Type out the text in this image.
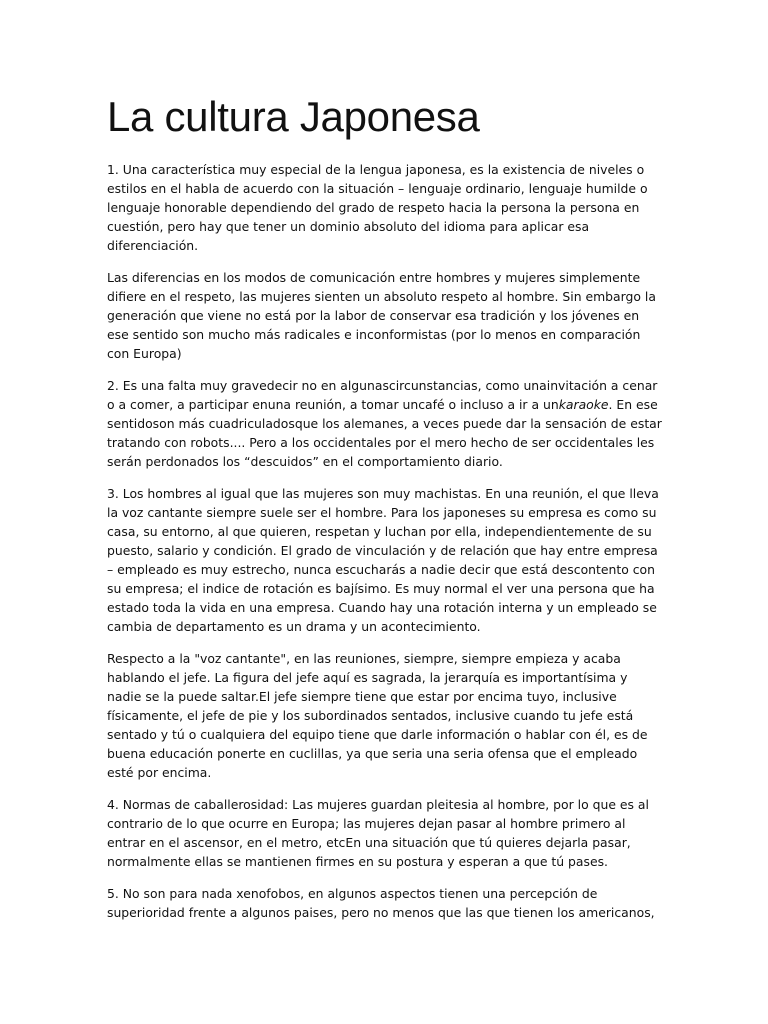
La cultura Japonesa

1. Una característica muy especial de la lengua japonesa, es la existencia de niveles o estilos en el habla de acuerdo con la situación – lenguaje ordinario, lenguaje humilde o lenguaje honorable dependiendo del grado de respeto hacia la persona la persona en cuestión, pero hay que tener un dominio absoluto del idioma para aplicar esa diferenciación.

Las diferencias en los modos de comunicación entre hombres y mujeres simplemente difiere en el respeto, las mujeres sienten un absoluto respeto al hombre. Sin embargo la generación que viene no está por la labor de conservar esa tradición y los jóvenes en ese sentido son mucho más radicales e inconformistas (por lo menos en comparación con Europa)

2. Es una falta muy gravedecir no en algunascircunstancias, como unainvitación a cenar o a comer, a participar enuna reunión, a tomar uncafé o incluso a ir a unkaraoke. En ese sentidoson más cuadriculadosque los alemanes, a veces puede dar la sensación de estar tratando con robots.... Pero a los occidentales por el mero hecho de ser occidentales les serán perdonados los “descuidos” en el comportamiento diario.

3. Los hombres al igual que las mujeres son muy machistas. En una reunión, el que lleva la voz cantante siempre suele ser el hombre. Para los japoneses su empresa es como su casa, su entorno, al que quieren, respetan y luchan por ella, independientemente de su puesto, salario y condición. El grado de vinculación y de relación que hay entre empresa – empleado es muy estrecho, nunca escucharás a nadie decir que está descontento con su empresa; el indice de rotación es bajísimo. Es muy normal el ver una persona que ha estado toda la vida en una empresa. Cuando hay una rotación interna y un empleado se cambia de departamento es un drama y un acontecimiento.

Respecto a la "voz cantante", en las reuniones, siempre, siempre empieza y acaba hablando el jefe. La figura del jefe aquí es sagrada, la jerarquía es importantísima y nadie se la puede saltar.El jefe siempre tiene que estar por encima tuyo, inclusive físicamente, el jefe de pie y los subordinados sentados, inclusive cuando tu jefe está sentado y tú o cualquiera del equipo tiene que darle información o hablar con él, es de buena educación ponerte en cuclillas, ya que seria una seria ofensa que el empleado esté por encima.

4. Normas de caballerosidad: Las mujeres guardan pleitesia al hombre, por lo que es al contrario de lo que ocurre en Europa; las mujeres dejan pasar al hombre primero al entrar en el ascensor, en el metro, etcEn una situación que tú quieres dejarla pasar, normalmente ellas se mantienen firmes en su postura y esperan a que tú pases.

5. No son para nada xenofobos, en algunos aspectos tienen una percepción de superioridad frente a algunos paises, pero no menos que las que tienen los americanos,
